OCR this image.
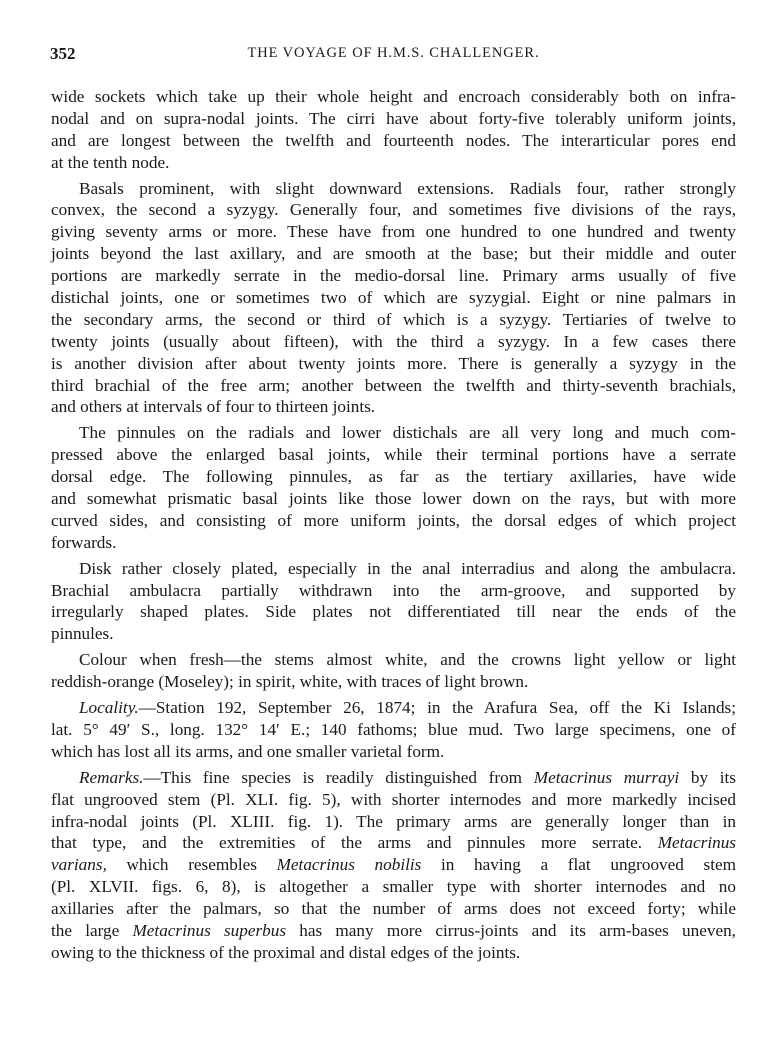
352	THE VOYAGE OF H.M.S. CHALLENGER.
wide sockets which take up their whole height and encroach considerably both on infra-
nodal and on supra-nodal joints. The cirri have about forty-five tolerably uniform joints,
and are longest between the twelfth and fourteenth nodes. The interarticular pores end
at the tenth node.
Basals prominent, with slight downward extensions. Radials four, rather strongly
convex, the second a syzygy. Generally four, and sometimes five divisions of the rays,
giving seventy arms or more. These have from one hundred to one hundred and twenty
joints beyond the last axillary, and are smooth at the base; but their middle and outer
portions are markedly serrate in the medio-dorsal line. Primary arms usually of five
distichal joints, one or sometimes two of which are syzygial. Eight or nine palmars in
the secondary arms, the second or third of which is a syzygy. Tertiaries of twelve to
twenty joints (usually about fifteen), with the third a syzygy. In a few cases there
is another division after about twenty joints more. There is generally a syzygy in the
third brachial of the free arm; another between the twelfth and thirty-seventh brachials,
and others at intervals of four to thirteen joints.
The pinnules on the radials and lower distichals are all very long and much com-
pressed above the enlarged basal joints, while their terminal portions have a serrate
dorsal edge. The following pinnules, as far as the tertiary axillaries, have wide
and somewhat prismatic basal joints like those lower down on the rays, but with more
curved sides, and consisting of more uniform joints, the dorsal edges of which project
forwards.
Disk rather closely plated, especially in the anal interradius and along the ambulacra.
Brachial ambulacra partially withdrawn into the arm-groove, and supported by
irregularly shaped plates. Side plates not differentiated till near the ends of the
pinnules.
Colour when fresh—the stems almost white, and the crowns light yellow or light
reddish-orange (Moseley); in spirit, white, with traces of light brown.
Locality.—Station 192, September 26, 1874; in the Arafura Sea, off the Ki Islands;
lat. 5° 49′ S., long. 132° 14′ E.; 140 fathoms; blue mud. Two large specimens, one of
which has lost all its arms, and one smaller varietal form.
Remarks.—This fine species is readily distinguished from Metacrinus murrayi by its
flat ungrooved stem (Pl. XLI. fig. 5), with shorter internodes and more markedly incised
infra-nodal joints (Pl. XLIII. fig. 1). The primary arms are generally longer than in
that type, and the extremities of the arms and pinnules more serrate. Metacrinus
varians, which resembles Metacrinus nobilis in having a flat ungrooved stem
(Pl. XLVII. figs. 6, 8), is altogether a smaller type with shorter internodes and no
axillaries after the palmars, so that the number of arms does not exceed forty; while
the large Metacrinus superbus has many more cirrus-joints and its arm-bases uneven,
owing to the thickness of the proximal and distal edges of the joints.
